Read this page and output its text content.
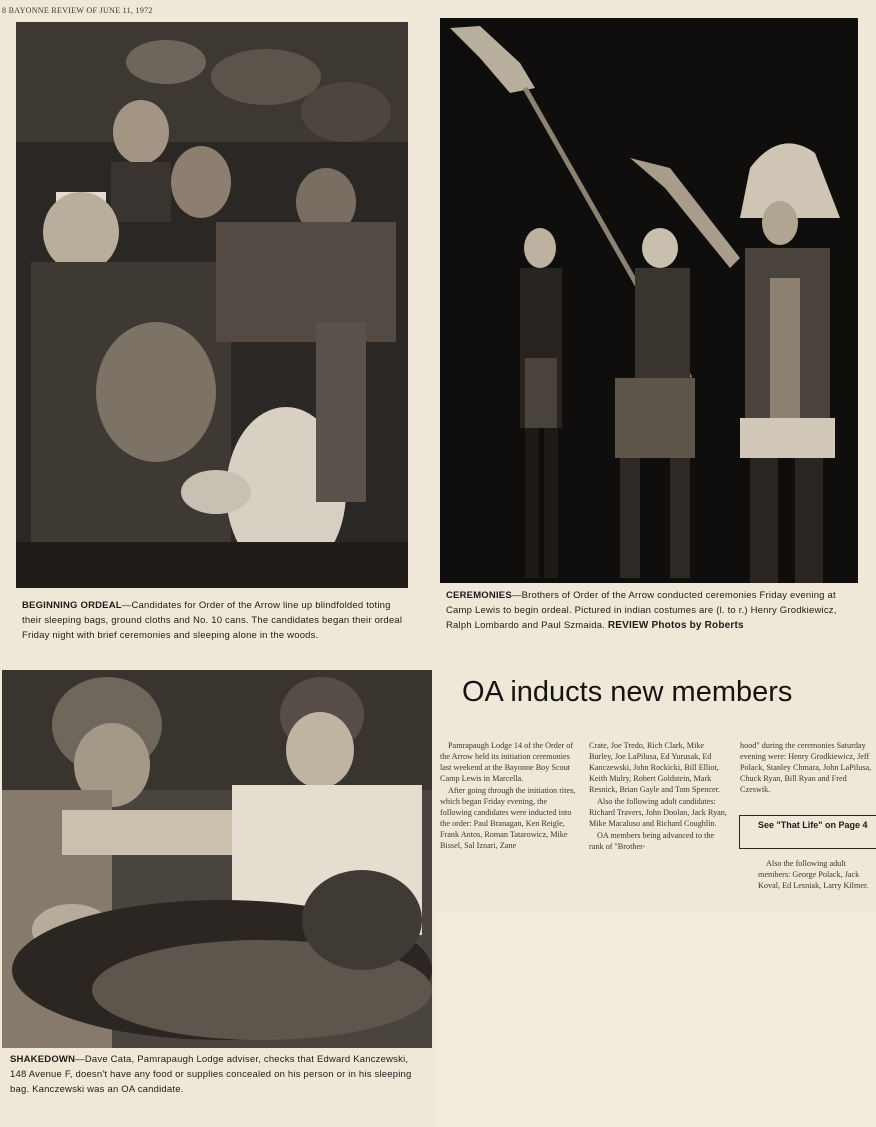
8 BAYONNE REVIEW OF JUNE 11, 1972
BEGINNING ORDEAL—Candidates for Order of the Arrow line up blindfolded toting their sleeping bags, ground cloths and No. 10 cans. The candidates began their ordeal Friday night with brief ceremonies and sleeping alone in the woods.
CEREMONIES—Brothers of Order of the Arrow conducted ceremonies Friday evening at Camp Lewis to begin ordeal. Pictured in indian costumes are (l. to r.) Henry Grodkiewicz, Ralph Lombardo and Paul Szmaida. REVIEW Photos by Roberts
SHAKEDOWN—Dave Cata, Pamrapaugh Lodge adviser, checks that Edward Kanczewski, 148 Avenue F, doesn't have any food or supplies concealed on his person or in his sleeping bag. Kanczewski was an OA candidate.
OA inducts new members

Pamrapaugh Lodge 14 of the Order of the Arrow held its initiation ceremonies last weekend at the Bayonne Boy Scout Camp Lewis in Marcella.

After going through the initiation rites, which began Friday evening, the following candidates were inducted into the order: Paul Branagan, Ken Reigle, Frank Antos, Roman Tatarowicz, Mike Bissel, Sal Iznari, Zane

Crate, Joe Tredo, Rich Clark, Mike Burley, Joe LaPilusa, Ed Yurusak, Ed Kanczewski, John Rockicki, Bill Elliot, Keith Mulry, Robert Goldstein, Mark Resnick, Brian Gayle and Tom Spencer.

Also the following adult candidates: Richard Travers, John Doolan, Jack Ryan, Mike Macaluso and Richard Coughlin.

OA members being advanced to the rank of "Brother-

hood" during the ceremonies Saturday evening were: Henry Grodkiewicz, Jeff Polack, Stanley Chmara, John LaPilusa, Chuck Ryan, Bill Ryan and Fred Czeswik.

See "That Life" on Page 4

Also the following adult members: George Polack, Jack Koval, Ed Lesniak, Larry Kilmer.
